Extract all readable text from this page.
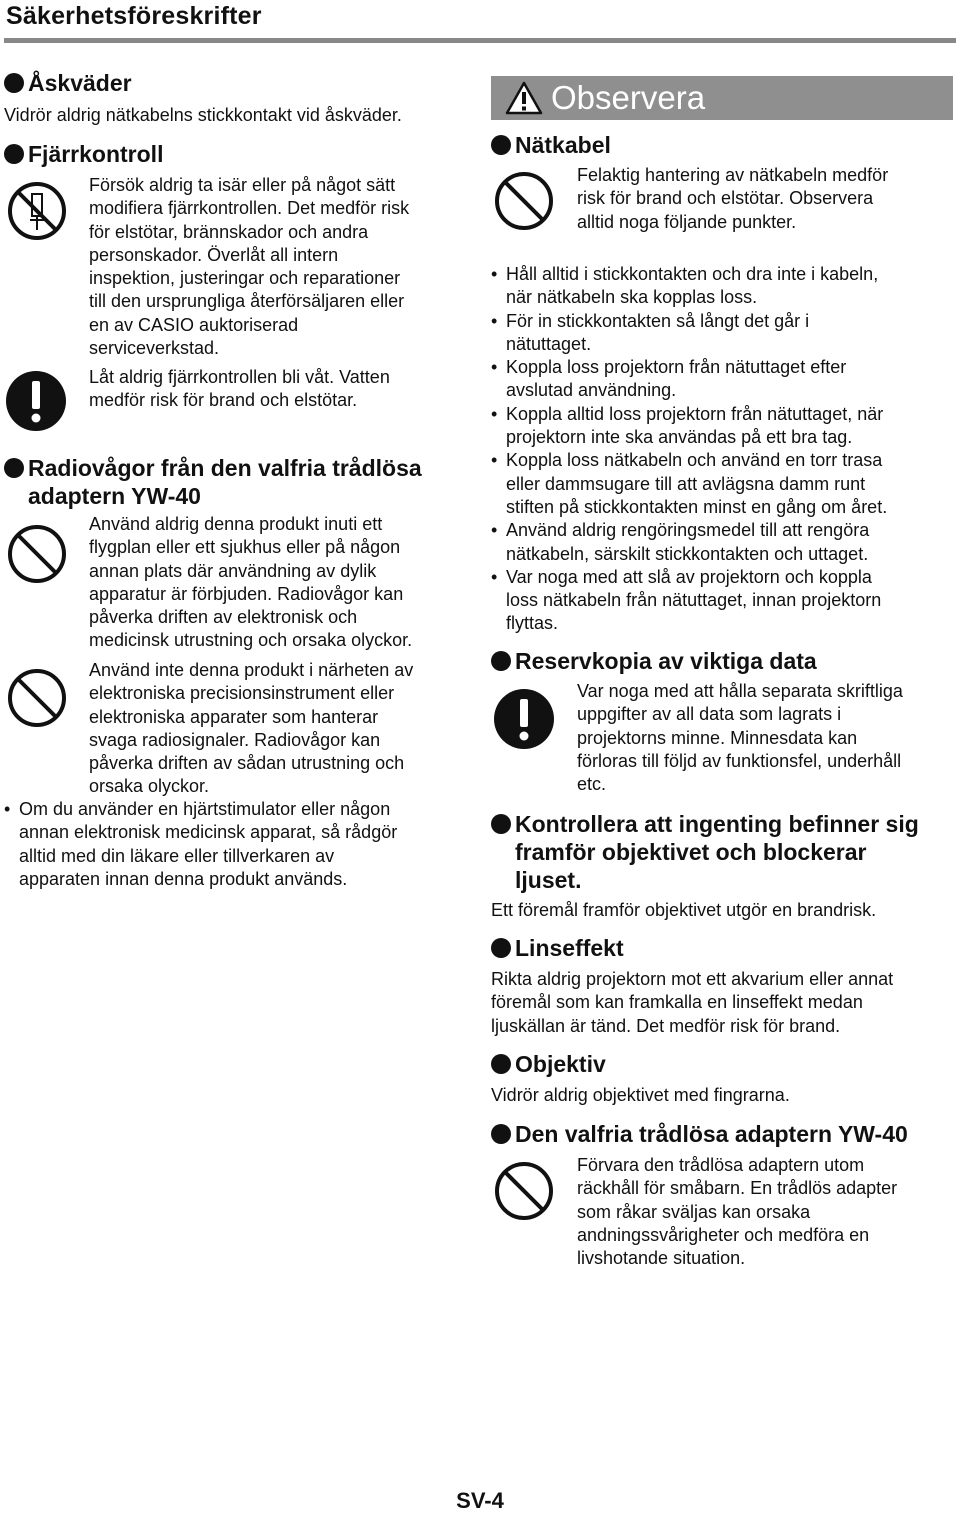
Säkerhetsföreskrifter
Åskväder
Vidrör aldrig nätkabelns stickkontakt vid åskväder.
Fjärrkontroll
Försök aldrig ta isär eller på något sätt
modifiera fjärrkontrollen. Det medför risk
för elstötar, brännskador och andra
personskador. Överlåt all intern
inspektion, justeringar och reparationer
till den ursprungliga återförsäljaren eller
en av CASIO auktoriserad
serviceverkstad.
Låt aldrig fjärrkontrollen bli våt. Vatten
medför risk för brand och elstötar.
Radiovågor från den valfria trådlösa
adaptern YW-40
Använd aldrig denna produkt inuti ett
flygplan eller ett sjukhus eller på någon
annan plats där användning av dylik
apparatur är förbjuden. Radiovågor kan
påverka driften av elektronisk och
medicinsk utrustning och orsaka olyckor.
Använd inte denna produkt i närheten av
elektroniska precisionsinstrument eller
elektroniska apparater som hanterar
svaga radiosignaler. Radiovågor kan
påverka driften av sådan utrustning och
orsaka olyckor.
• Om du använder en hjärtstimulator eller någon
annan elektronisk medicinsk apparat, så rådgör
alltid med din läkare eller tillverkaren av
apparaten innan denna produkt används.
Observera
Nätkabel
Felaktig hantering av nätkabeln medför
risk för brand och elstötar. Observera
alltid noga följande punkter.
• Håll alltid i stickkontakten och dra inte i kabeln,
när nätkabeln ska kopplas loss.
• För in stickkontakten så långt det går i
nätuttaget.
• Koppla loss projektorn från nätuttaget efter
avslutad användning.
• Koppla alltid loss projektorn från nätuttaget, när
projektorn inte ska användas på ett bra tag.
• Koppla loss nätkabeln och använd en torr trasa
eller dammsugare till att avlägsna damm runt
stiften på stickkontakten minst en gång om året.
• Använd aldrig rengöringsmedel till att rengöra
nätkabeln, särskilt stickkontakten och uttaget.
• Var noga med att slå av projektorn och koppla
loss nätkabeln från nätuttaget, innan projektorn
flyttas.
Reservkopia av viktiga data
Var noga med att hålla separata skriftliga
uppgifter av all data som lagrats i
projektorns minne. Minnesdata kan
förloras till följd av funktionsfel, underhåll
etc.
Kontrollera att ingenting befinner sig
framför objektivet och blockerar
ljuset.
Ett föremål framför objektivet utgör en brandrisk.
Linseffekt
Rikta aldrig projektorn mot ett akvarium eller annat
föremål som kan framkalla en linseffekt medan
ljuskällan är tänd. Det medför risk för brand.
Objektiv
Vidrör aldrig objektivet med fingrarna.
Den valfria trådlösa adaptern YW-40
Förvara den trådlösa adaptern utom
räckhåll för småbarn. En trådlös adapter
som råkar sväljas kan orsaka
andningssvårigheter och medföra en
livshotande situation.
SV-4
